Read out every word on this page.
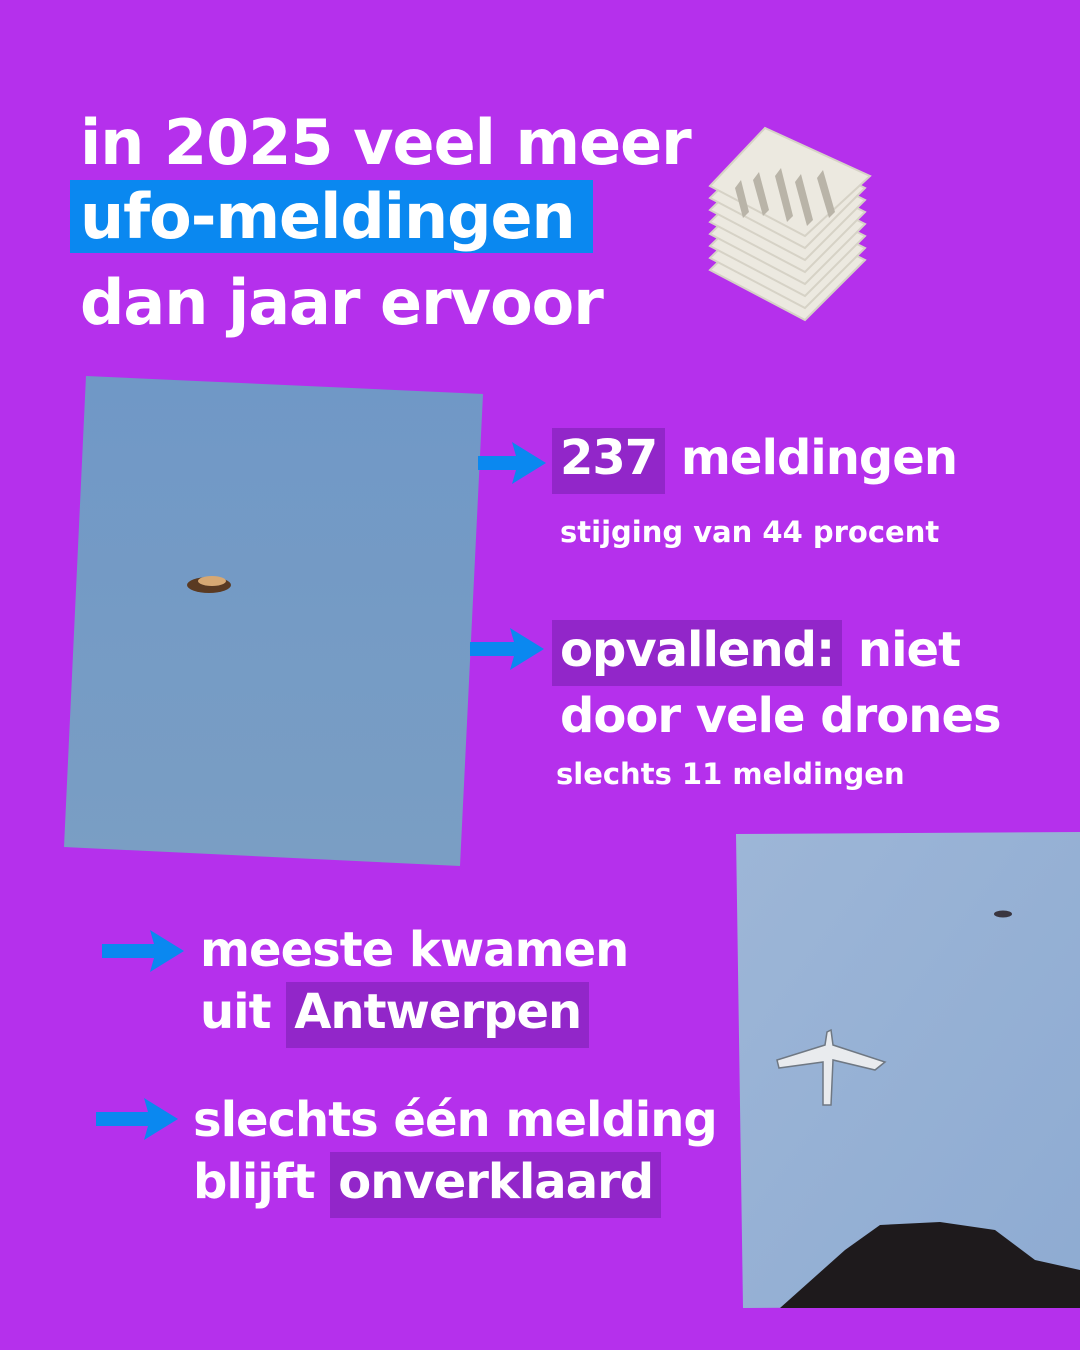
in 2025 veel meer
ufo-meldingen
dan jaar ervoor
237 meldingen
stijging van 44 procent
opvallend: niet
door vele drones
slechts 11 meldingen
meeste kwamen
uit Antwerpen
slechts één melding
blijft onverklaard
